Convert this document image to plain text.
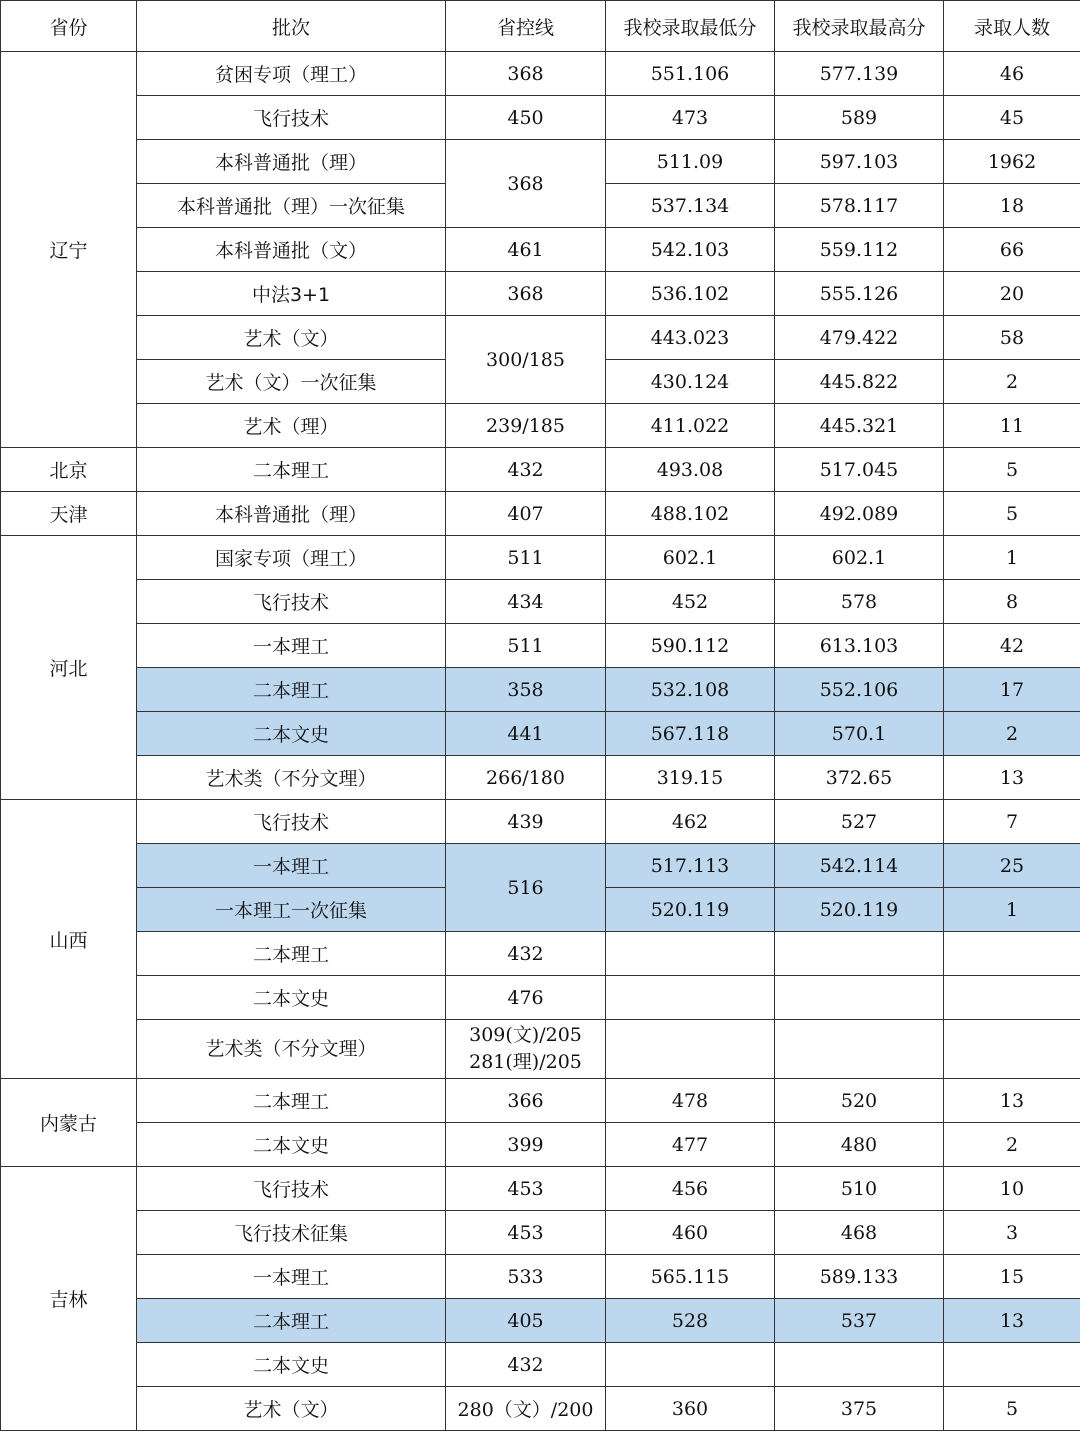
省份	批次	省控线	我校录取最低分	我校录取最高分	录取人数
辽宁	贫困专项（理工）	368	551.106	577.139	46
	飞行技术	450	473	589	45
	本科普通批（理）	368	511.09	597.103	1962
	本科普通批（理）一次征集		537.134	578.117	18
	本科普通批（文）	461	542.103	559.112	66
	中法3+1	368	536.102	555.126	20
	艺术（文）	300/185	443.023	479.422	58
	艺术（文）一次征集		430.124	445.822	2
	艺术（理）	239/185	411.022	445.321	11
北京	二本理工	432	493.08	517.045	5
天津	本科普通批（理）	407	488.102	492.089	5
河北	国家专项（理工）	511	602.1	602.1	1
	飞行技术	434	452	578	8
	一本理工	511	590.112	613.103	42
	二本理工	358	532.108	552.106	17
	二本文史	441	567.118	570.1	2
	艺术类（不分文理）	266/180	319.15	372.65	13
山西	飞行技术	439	462	527	7
	一本理工	516	517.113	542.114	25
	一本理工一次征集		520.119	520.119	1
	二本理工	432			
	二本文史	476			
	艺术类（不分文理）	309(文)/205
281(理)/205			

内蒙古	二本理工	366	478	520	13
	二本文史	399	477	480	2
吉林	飞行技术	453	456	510	10
	飞行技术征集	453	460	468	3
	一本理工	533	565.115	589.133	15
	二本理工	405	528	537	13
	二本文史	432			
	艺术（文）	280（文）/200	360	375	5
